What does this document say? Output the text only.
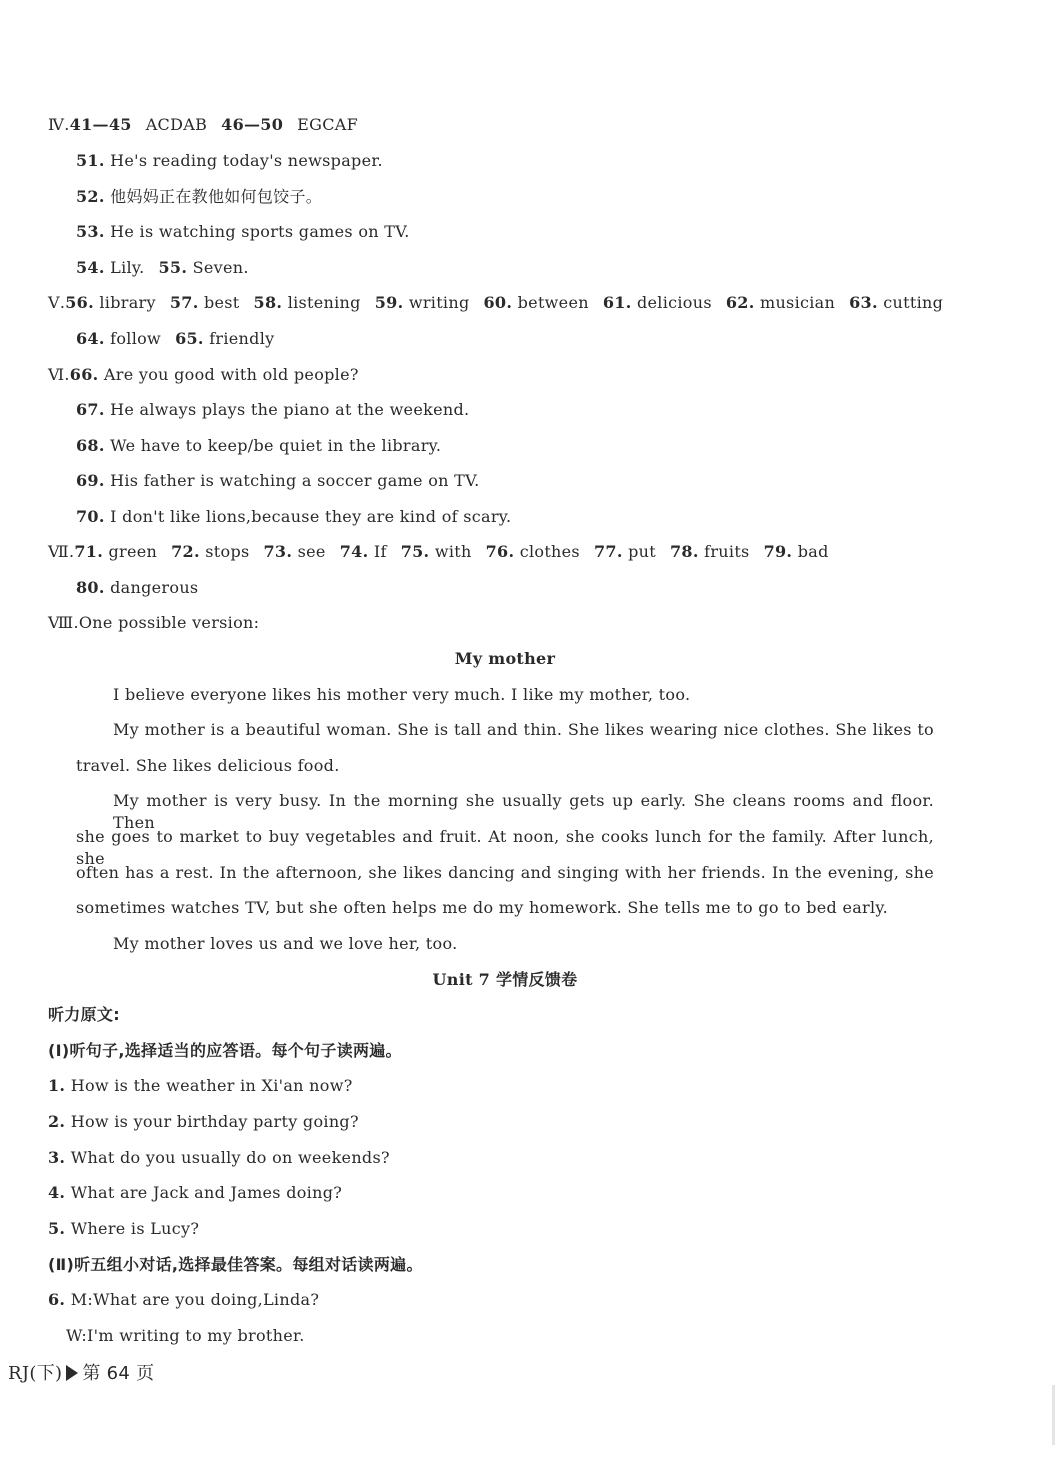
Ⅳ.41—45 ACDAB 46—50 EGCAF
51. He's reading today's newspaper.
52. 他妈妈正在教他如何包饺子。
53. He is watching sports games on TV.
54. Lily. 55. Seven.
Ⅴ.56. library 57. best 58. listening 59. writing 60. between 61. delicious 62. musician 63. cutting
64. follow 65. friendly
Ⅵ.66. Are you good with old people?
67. He always plays the piano at the weekend.
68. We have to keep/be quiet in the library.
69. His father is watching a soccer game on TV.
70. I don't like lions,because they are kind of scary.
Ⅶ.71. green 72. stops 73. see 74. If 75. with 76. clothes 77. put 78. fruits 79. bad
80. dangerous
Ⅷ.One possible version:
My mother
I believe everyone likes his mother very much. I like my mother, too.
My mother is a beautiful woman. She is tall and thin. She likes wearing nice clothes. She likes to
travel. She likes delicious food.
My mother is very busy. In the morning she usually gets up early. She cleans rooms and floor. Then
she goes to market to buy vegetables and fruit. At noon, she cooks lunch for the family. After lunch, she
often has a rest. In the afternoon, she likes dancing and singing with her friends. In the evening, she
sometimes watches TV, but she often helps me do my homework. She tells me to go to bed early.
My mother loves us and we love her, too.
Unit 7 学情反馈卷
听力原文:
(Ⅰ)听句子,选择适当的应答语。每个句子读两遍。
1. How is the weather in Xi'an now?
2. How is your birthday party going?
3. What do you usually do on weekends?
4. What are Jack and James doing?
5. Where is Lucy?
(Ⅱ)听五组小对话,选择最佳答案。每组对话读两遍。
6. M:What are you doing,Linda?
W:I'm writing to my brother.
RJ(下) 第 64 页
